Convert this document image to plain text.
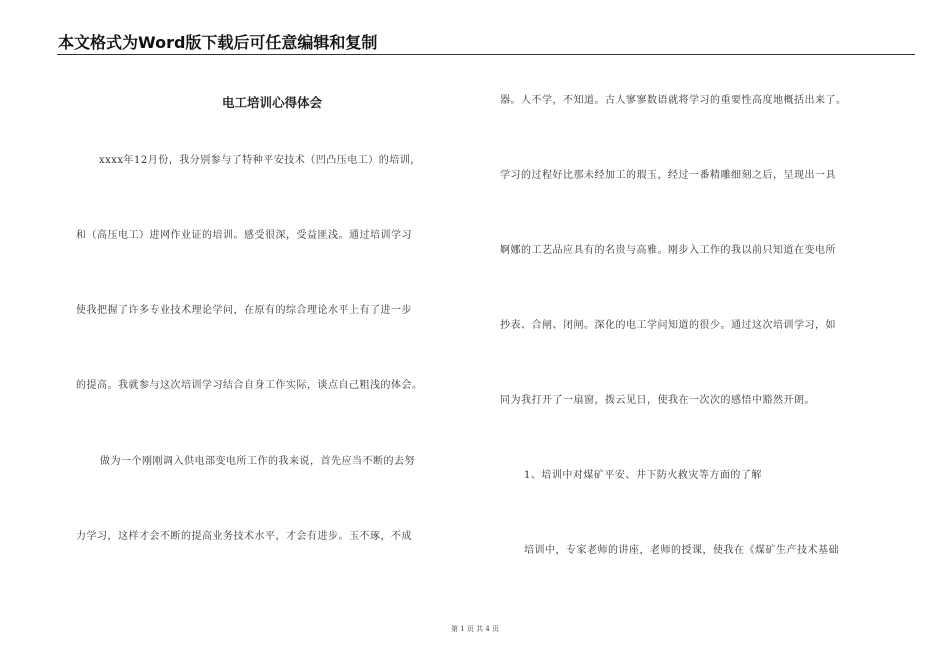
本文格式为Word版下载后可任意编辑和复制
电工培训心得体会
xxxx年12月份，我分别参与了特种平安技术（凹凸压电工）的培训，
和（高压电工）进网作业证的培训。感受很深，受益匪浅。通过培训学习
使我把握了许多专业技术理论学问，在原有的综合理论水平上有了进一步
的提高。我就参与这次培训学习结合自身工作实际，谈点自己粗浅的体会。
做为一个刚刚调入供电部变电所工作的我来说，首先应当不断的去努
力学习，这样才会不断的提高业务技术水平，才会有进步。玉不琢，不成
器。人不学，不知道。古人寥寥数语就将学习的重要性高度地概括出来了。
学习的过程好比那未经加工的瑕玉，经过一番精雕细刻之后，呈现出一具
婀娜的工艺品应具有的名贵与高雅。刚步入工作的我以前只知道在变电所
抄表、合闸、闭闸。深化的电工学问知道的很少。通过这次培训学习，如
同为我打开了一扇窗，拨云见日，使我在一次次的感悟中豁然开朗。
1、培训中对煤矿平安、井下防火救灾等方面的了解
培训中，专家老师的讲座，老师的授课，使我在《煤矿生产技术基础
第 1 页 共 4 页
